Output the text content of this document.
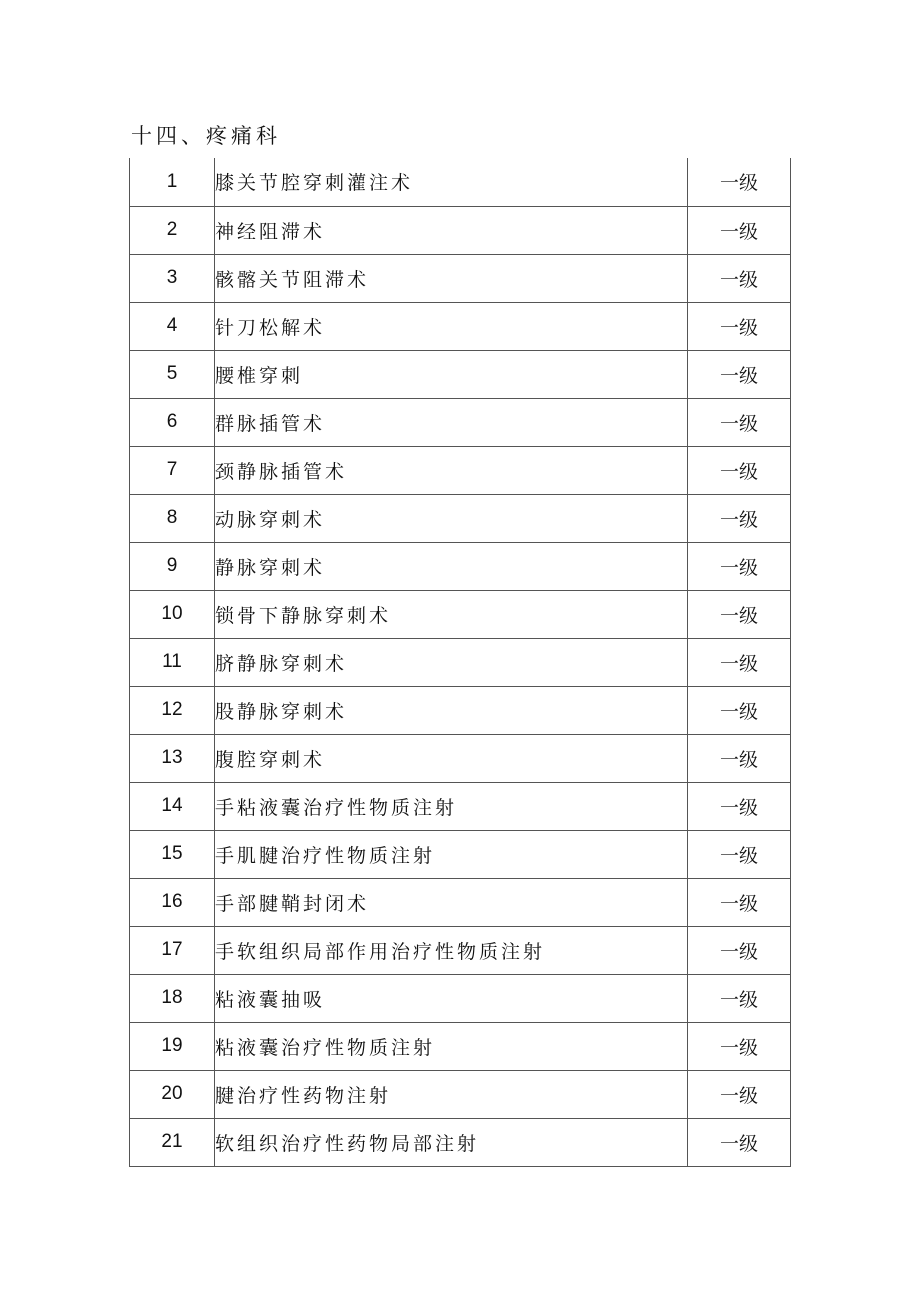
十四、疼痛科
1	膝关节腔穿刺灌注术	一级
2	神经阻滞术	一级
3	骸髂关节阻滞术	一级
4	针刀松解术	一级
5	腰椎穿刺	一级
6	群脉插管术	一级
7	颈静脉插管术	一级
8	动脉穿刺术	一级
9	静脉穿刺术	一级
10	锁骨下静脉穿刺术	一级
11	脐静脉穿刺术	一级
12	股静脉穿刺术	一级
13	腹腔穿刺术	一级
14	手粘液囊治疗性物质注射	一级
15	手肌腱治疗性物质注射	一级
16	手部腱鞘封闭术	一级
17	手软组织局部作用治疗性物质注射	一级
18	粘液囊抽吸	一级
19	粘液囊治疗性物质注射	一级
20	腱治疗性药物注射	一级
21	软组织治疗性药物局部注射	一级
